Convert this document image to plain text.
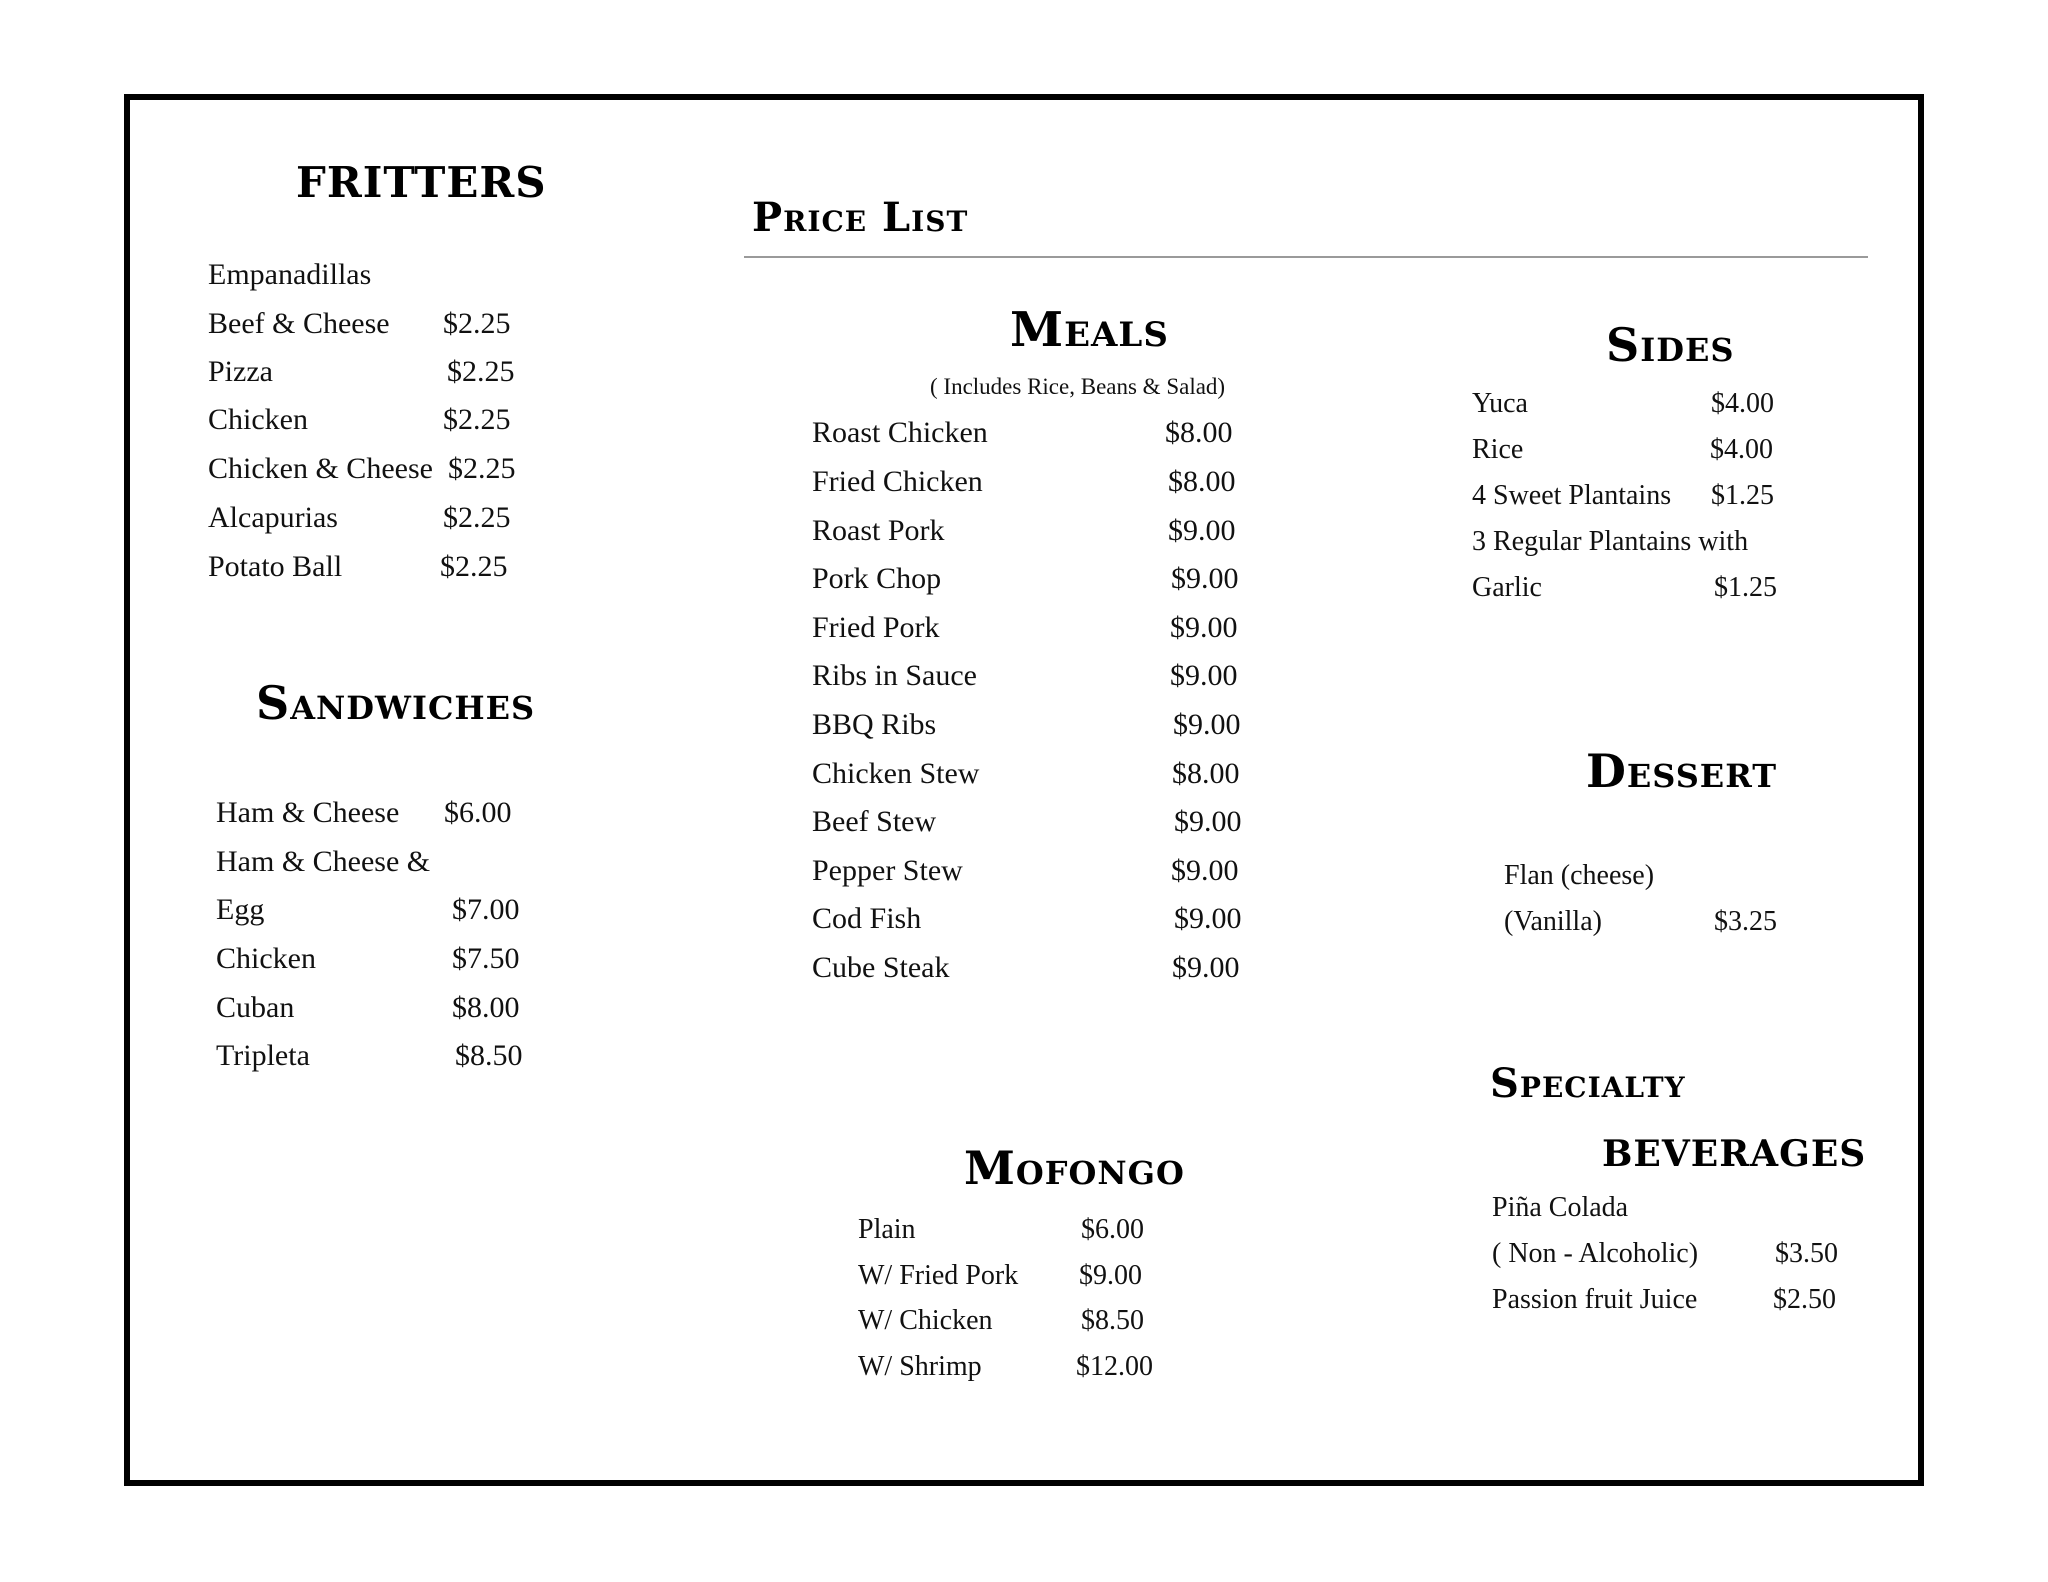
Price List
FRITTERS
Empanadillas
Beef & Cheese $2.25
Pizza	$2.25
Chicken	$2.25
Chicken & Cheese $2.25
Alcapurias	$2.25
Potato Ball	$2.25
Sandwiches
Ham & Cheese $6.00
Ham & Cheese &
Egg	$7.00
Chicken	$7.50
Cuban	$8.00
Tripleta	$8.50
Meals
( Includes Rice, Beans & Salad)
Roast Chicken	$8.00
Fried Chicken	$8.00
Roast Pork	$9.00
Pork Chop	$9.00
Fried Pork	$9.00
Ribs in Sauce	$9.00
BBQ Ribs	$9.00
Chicken Stew	$8.00
Beef Stew	$9.00
Pepper Stew	$9.00
Cod Fish	$9.00
Cube Steak	$9.00
Mofongo
Plain	$6.00
W/ Fried Pork $9.00
W/ Chicken	$8.50
W/ Shrimp	$12.00
Sides
Yuca	$4.00
Rice	$4.00
4 Sweet Plantains $1.25
3 Regular Plantains with
Garlic	$1.25
Dessert
Flan (cheese)
(Vanilla)	$3.25
Specialty
BEVERAGES
Piña Colada
( Non - Alcoholic)	$3.50
Passion fruit Juice	$2.50
